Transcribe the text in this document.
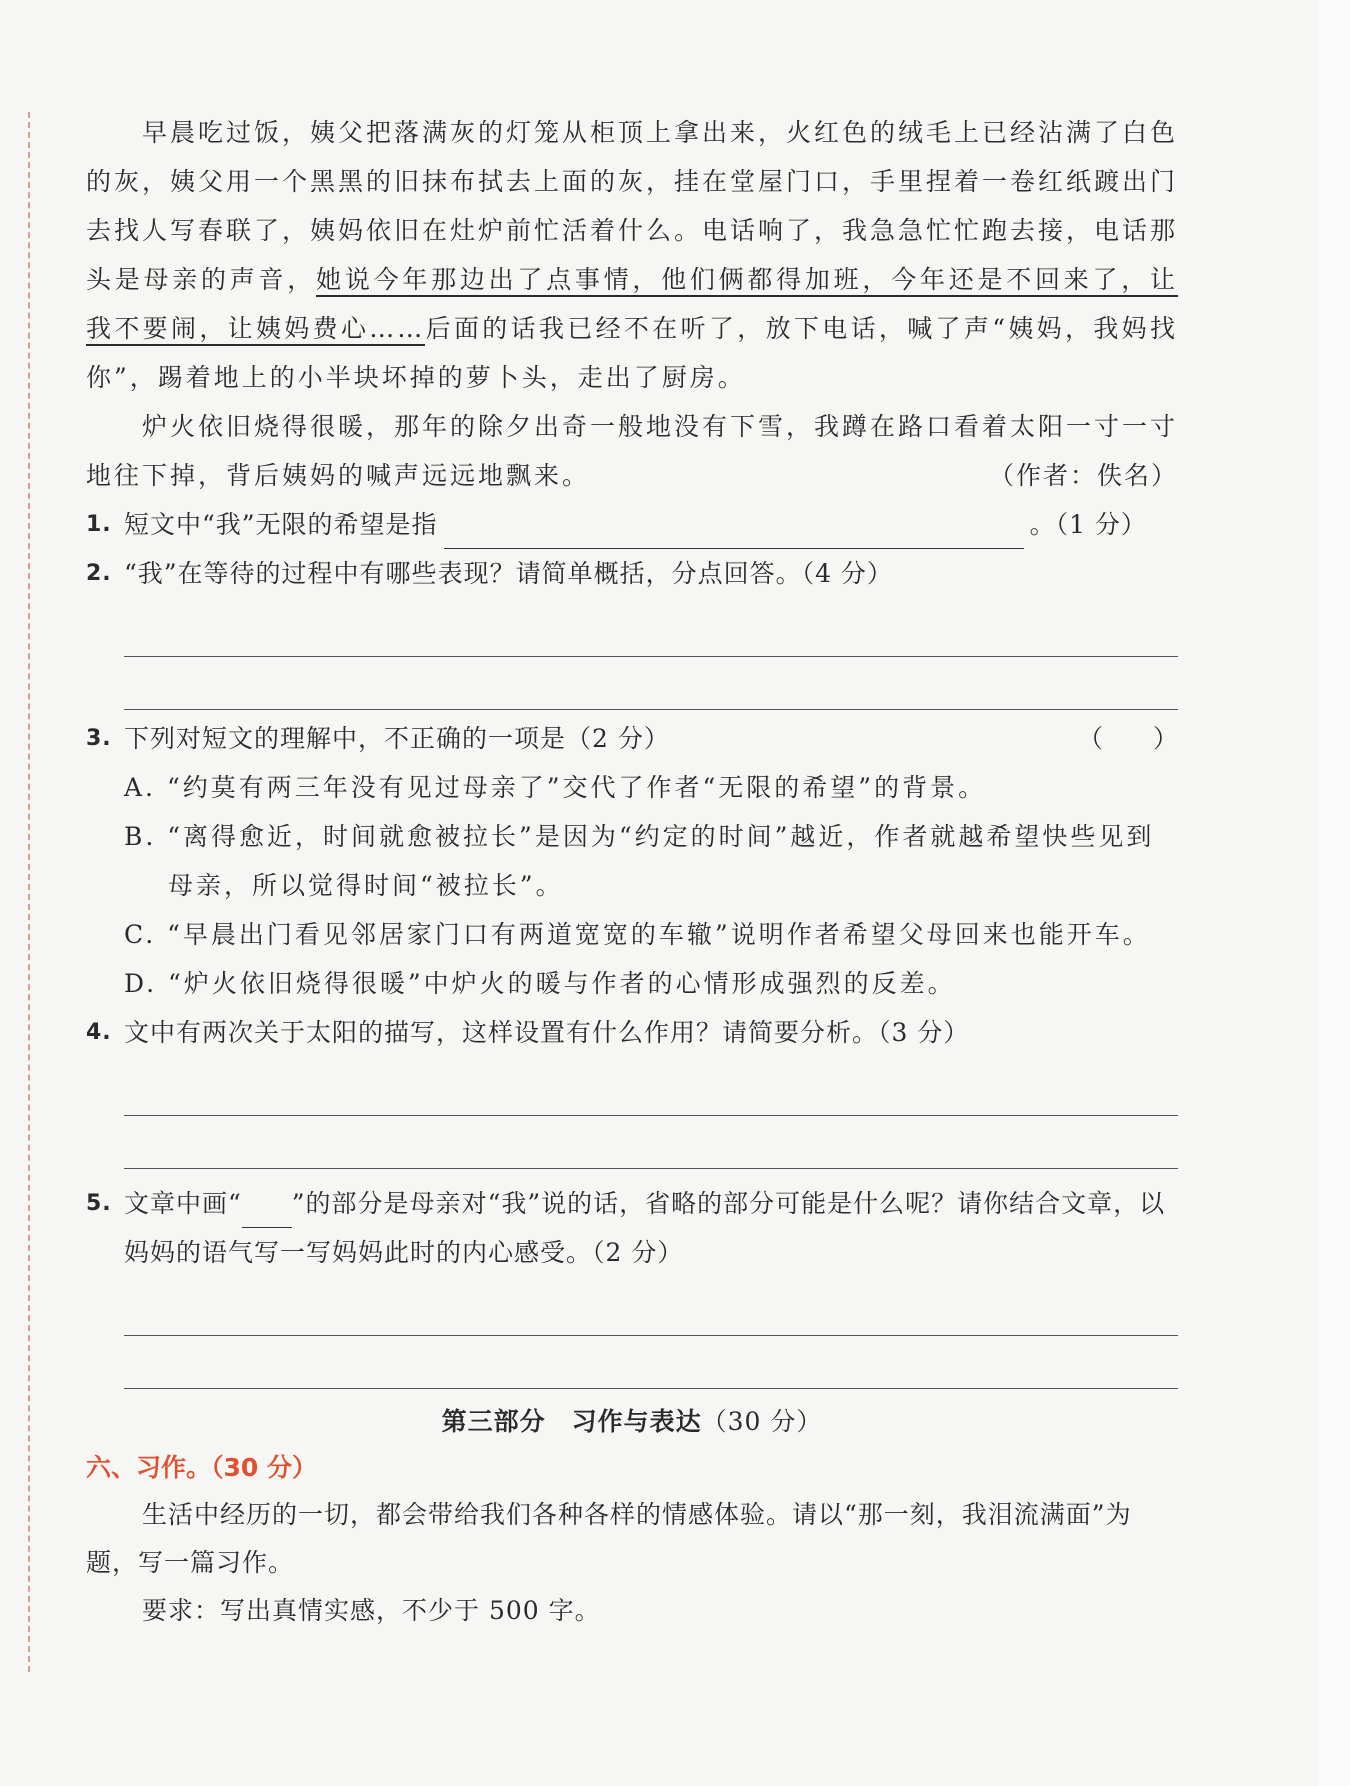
早晨吃过饭，姨父把落满灰的灯笼从柜顶上拿出来，火红色的绒毛上已经沾满了白色的灰，姨父用一个黑黑的旧抹布拭去上面的灰，挂在堂屋门口，手里捏着一卷红纸踱出门去找人写春联了，姨妈依旧在灶炉前忙活着什么。电话响了，我急急忙忙跑去接，电话那头是母亲的声音，她说今年那边出了点事情，他们俩都得加班，今年还是不回来了，让我不要闹，让姨妈费心……后面的话我已经不在听了，放下电话，喊了声“姨妈，我妈找你”，踢着地上的小半块坏掉的萝卜头，走出了厨房。

炉火依旧烧得很暖，那年的除夕出奇一般地没有下雪，我蹲在路口看着太阳一寸一寸地往下掉，背后姨妈的喊声远远地飘来。	（作者：佚名）

1. 短文中“我”无限的希望是指	。（1 分）

2. “我”在等待的过程中有哪些表现？请简单概括，分点回答。（4 分）

3. 下列对短文的理解中，不正确的一项是（2 分）	（　　）

A. “约莫有两三年没有见过母亲了”交代了作者“无限的希望”的背景。

B. “离得愈近，时间就愈被拉长”是因为“约定的时间”越近，作者就越希望快些见到母亲，所以觉得时间“被拉长”。

C. “早晨出门看见邻居家门口有两道宽宽的车辙”说明作者希望父母回来也能开车。

D. “炉火依旧烧得很暖”中炉火的暖与作者的心情形成强烈的反差。

4. 文中有两次关于太阳的描写，这样设置有什么作用？请简要分析。（3 分）

5. 文章中画“ ”的部分是母亲对“我”说的话，省略的部分可能是什么呢？请你结合文章，以妈妈的语气写一写妈妈此时的内心感受。（2 分）

第三部分　习作与表达（30 分）
六、习作。（30 分）

生活中经历的一切，都会带给我们各种各样的情感体验。请以“那一刻，我泪流满面”为题，写一篇习作。

要求：写出真情实感，不少于 500 字。
